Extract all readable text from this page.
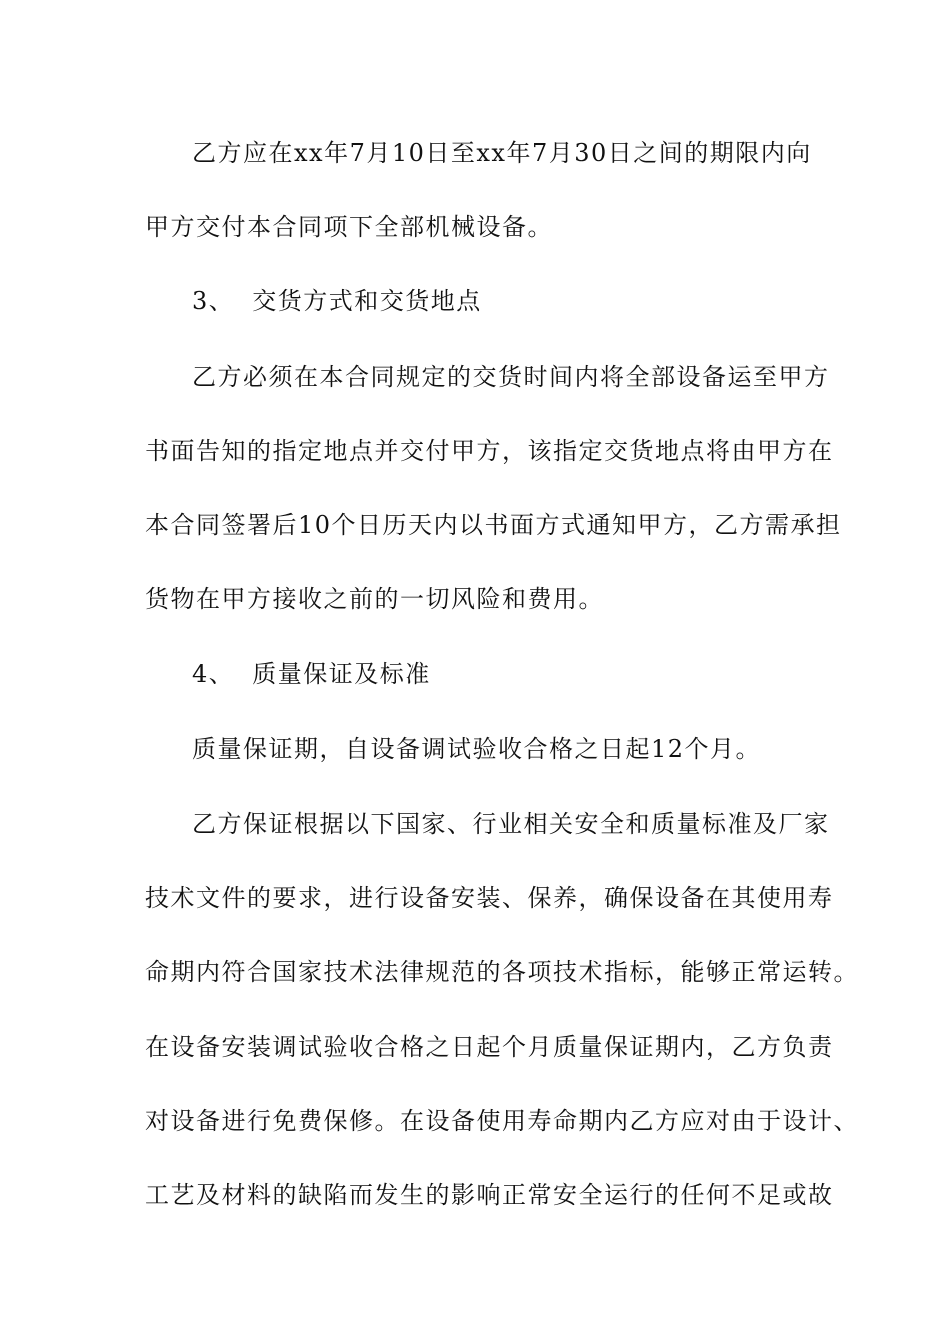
乙方应在xx年7月10日至xx年7月30日之间的期限内向
甲方交付本合同项下全部机械设备。
3、 交货方式和交货地点
乙方必须在本合同规定的交货时间内将全部设备运至甲方
书面告知的指定地点并交付甲方，该指定交货地点将由甲方在
本合同签署后10个日历天内以书面方式通知甲方，乙方需承担
货物在甲方接收之前的一切风险和费用。
4、 质量保证及标准
质量保证期，自设备调试验收合格之日起12个月。
乙方保证根据以下国家、行业相关安全和质量标准及厂家
技术文件的要求，进行设备安装、保养，确保设备在其使用寿
命期内符合国家技术法律规范的各项技术指标，能够正常运转。
在设备安装调试验收合格之日起个月质量保证期内，乙方负责
对设备进行免费保修。在设备使用寿命期内乙方应对由于设计、
工艺及材料的缺陷而发生的影响正常安全运行的任何不足或故
